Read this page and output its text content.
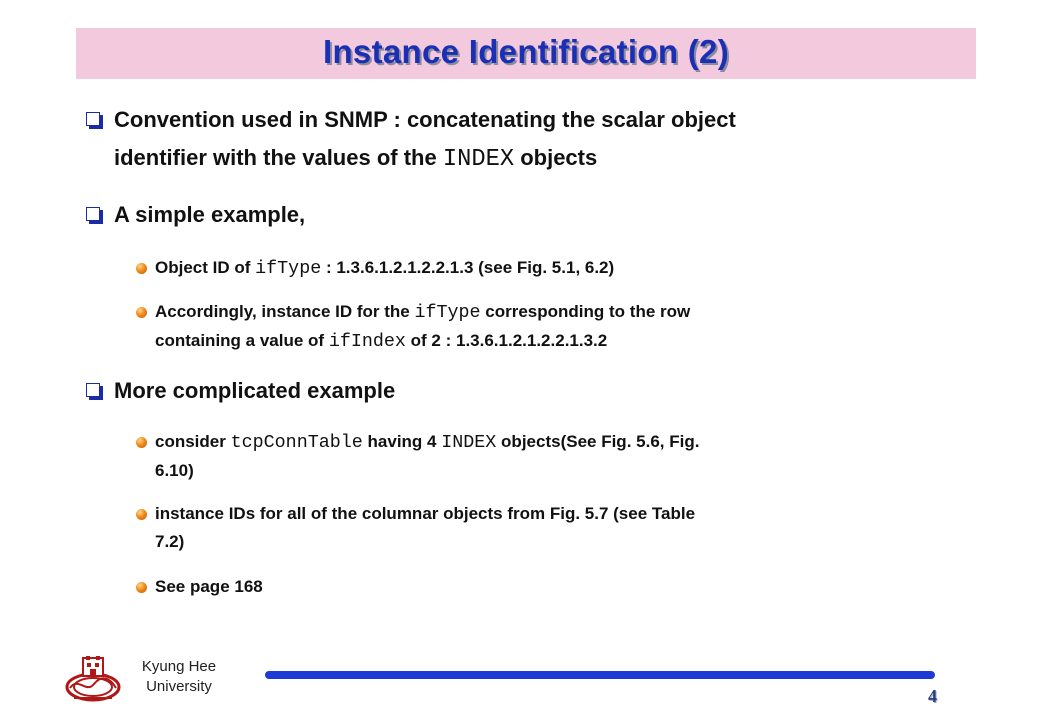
Instance Identification (2)
Convention used in SNMP : concatenating the scalar object
identifier with the values of the INDEX objects
A simple example,
Object ID of ifType : 1.3.6.1.2.1.2.2.1.3 (see Fig. 5.1, 6.2)
Accordingly, instance ID for the ifType corresponding to the row
containing a value of ifIndex of 2 : 1.3.6.1.2.1.2.2.1.3.2
More complicated example
consider tcpConnTable having 4 INDEX objects(See Fig. 5.6, Fig.
6.10)
instance IDs for all of the columnar objects from Fig. 5.7 (see Table
7.2)
See page 168
Kyung Hee
University	4
